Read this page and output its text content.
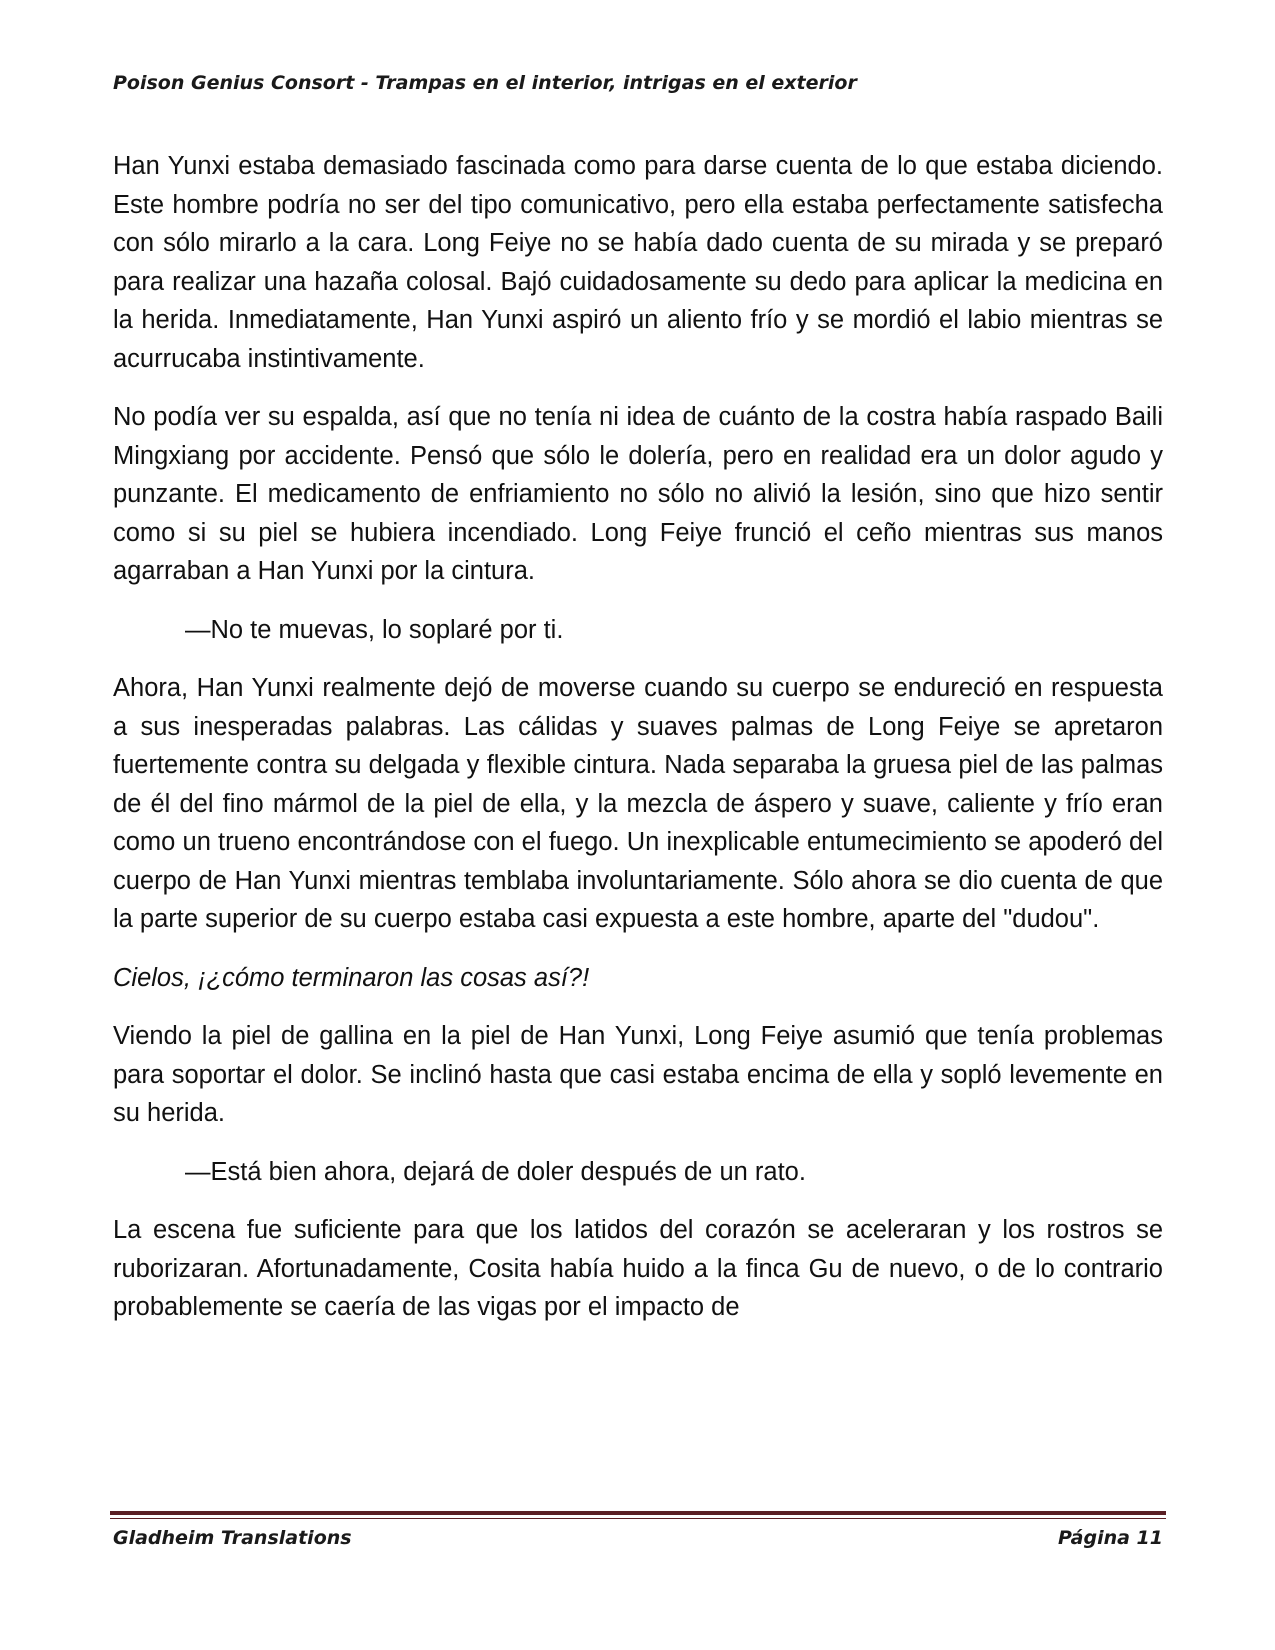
Poison Genius Consort - Trampas en el interior, intrigas en el exterior

Han Yunxi estaba demasiado fascinada como para darse cuenta de lo que estaba diciendo. Este hombre podría no ser del tipo comunicativo, pero ella estaba perfectamente satisfecha con sólo mirarlo a la cara. Long Feiye no se había dado cuenta de su mirada y se preparó para realizar una hazaña colosal. Bajó cuidadosamente su dedo para aplicar la medicina en la herida. Inmediatamente, Han Yunxi aspiró un aliento frío y se mordió el labio mientras se acurrucaba instintivamente.

No podía ver su espalda, así que no tenía ni idea de cuánto de la costra había raspado Baili Mingxiang por accidente. Pensó que sólo le dolería, pero en realidad era un dolor agudo y punzante. El medicamento de enfriamiento no sólo no alivió la lesión, sino que hizo sentir como si su piel se hubiera incendiado. Long Feiye frunció el ceño mientras sus manos agarraban a Han Yunxi por la cintura.

—No te muevas, lo soplaré por ti.

Ahora, Han Yunxi realmente dejó de moverse cuando su cuerpo se endureció en respuesta a sus inesperadas palabras. Las cálidas y suaves palmas de Long Feiye se apretaron fuertemente contra su delgada y flexible cintura. Nada separaba la gruesa piel de las palmas de él del fino mármol de la piel de ella, y la mezcla de áspero y suave, caliente y frío eran como un trueno encontrándose con el fuego. Un inexplicable entumecimiento se apoderó del cuerpo de Han Yunxi mientras temblaba involuntariamente. Sólo ahora se dio cuenta de que la parte superior de su cuerpo estaba casi expuesta a este hombre, aparte del "dudou".

Cielos, ¡¿cómo terminaron las cosas así?!

Viendo la piel de gallina en la piel de Han Yunxi, Long Feiye asumió que tenía problemas para soportar el dolor. Se inclinó hasta que casi estaba encima de ella y sopló levemente en su herida.

—Está bien ahora, dejará de doler después de un rato.

La escena fue suficiente para que los latidos del corazón se aceleraran y los rostros se ruborizaran. Afortunadamente, Cosita había huido a la finca Gu de nuevo, o de lo contrario probablemente se caería de las vigas por el impacto de

Gladheim Translations	Página 11
